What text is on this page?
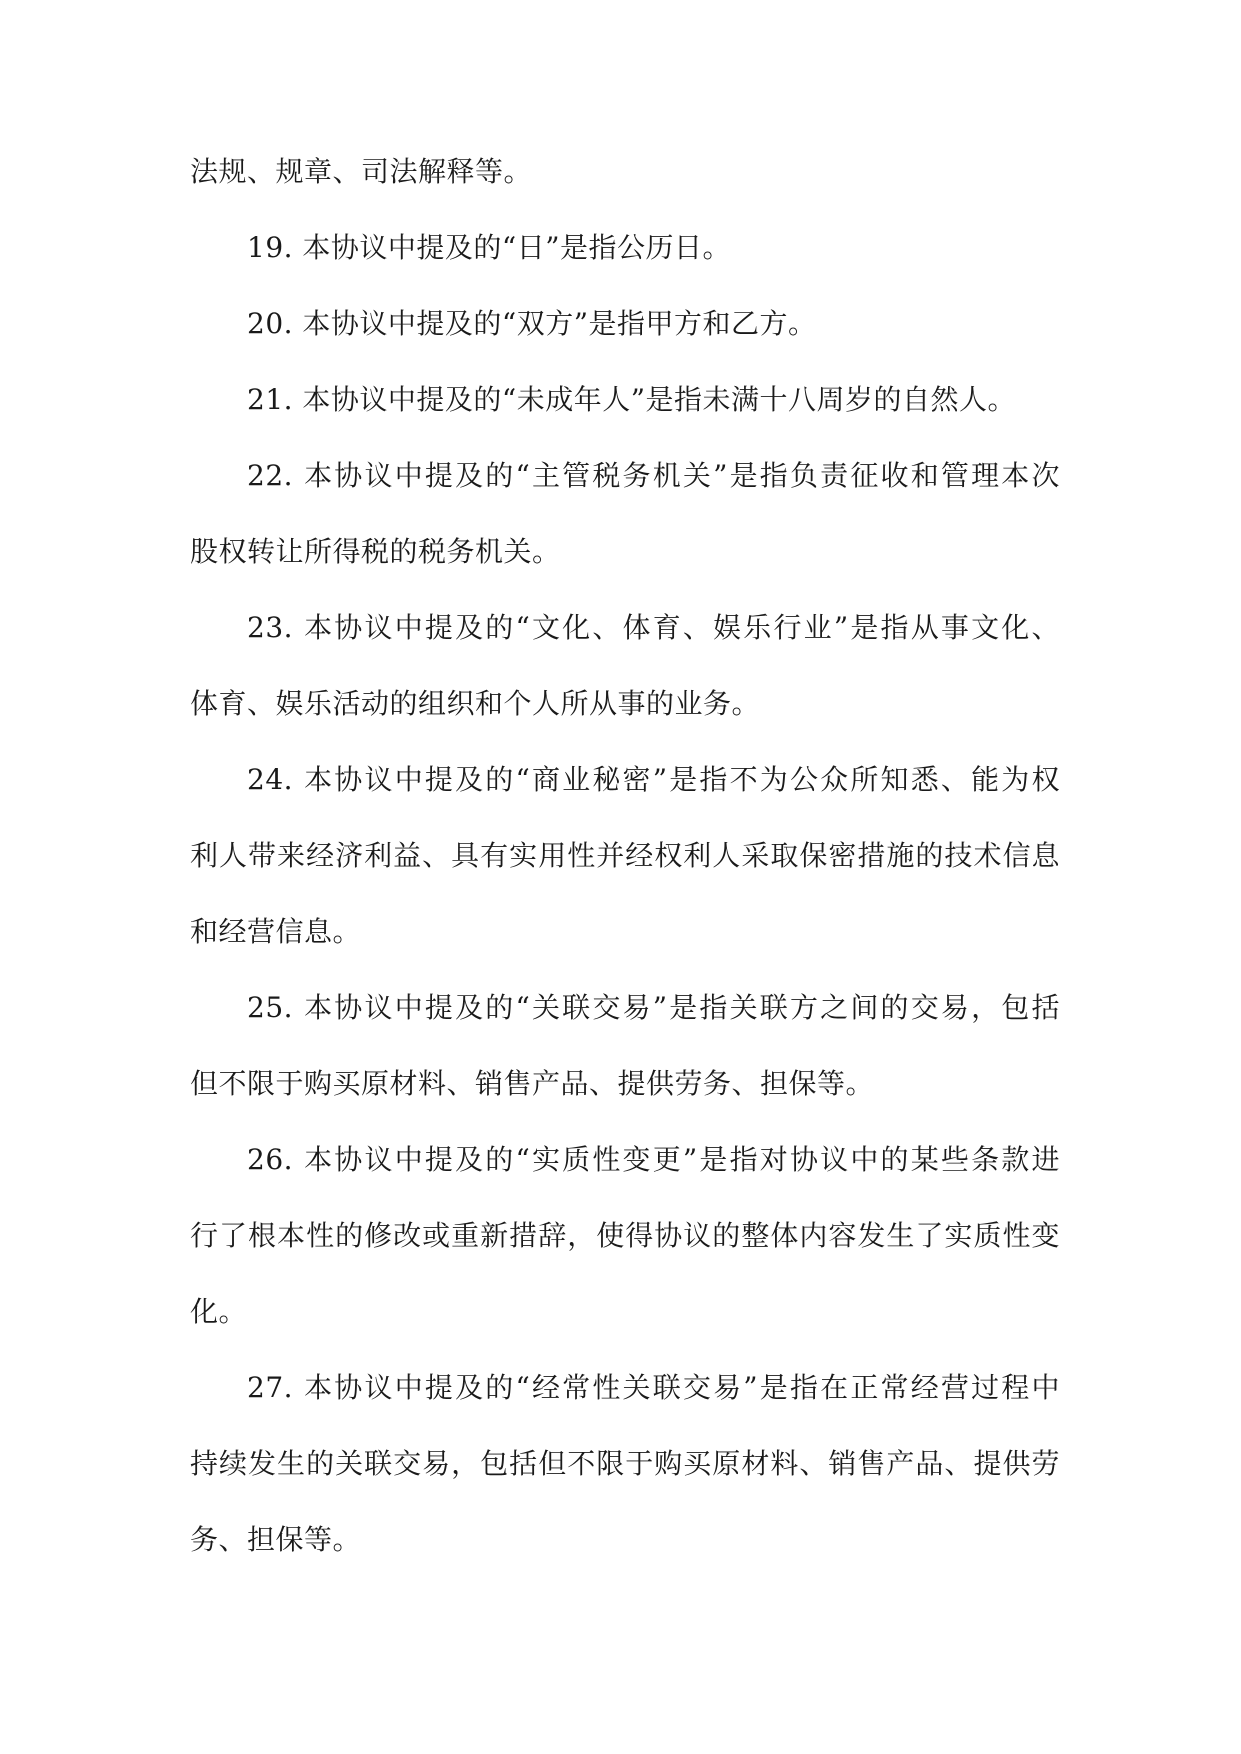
法规、规章、司法解释等。
19. 本协议中提及的“日”是指公历日。
20. 本协议中提及的“双方”是指甲方和乙方。
21. 本协议中提及的“未成年人”是指未满十八周岁的自然人。
22. 本协议中提及的“主管税务机关”是指负责征收和管理本次
股权转让所得税的税务机关。
23. 本协议中提及的“文化、体育、娱乐行业”是指从事文化、
体育、娱乐活动的组织和个人所从事的业务。
24. 本协议中提及的“商业秘密”是指不为公众所知悉、能为权
利人带来经济利益、具有实用性并经权利人采取保密措施的技术信息
和经营信息。
25. 本协议中提及的“关联交易”是指关联方之间的交易，包括
但不限于购买原材料、销售产品、提供劳务、担保等。
26. 本协议中提及的“实质性变更”是指对协议中的某些条款进
行了根本性的修改或重新措辞，使得协议的整体内容发生了实质性变
化。
27. 本协议中提及的“经常性关联交易”是指在正常经营过程中
持续发生的关联交易，包括但不限于购买原材料、销售产品、提供劳
务、担保等。
